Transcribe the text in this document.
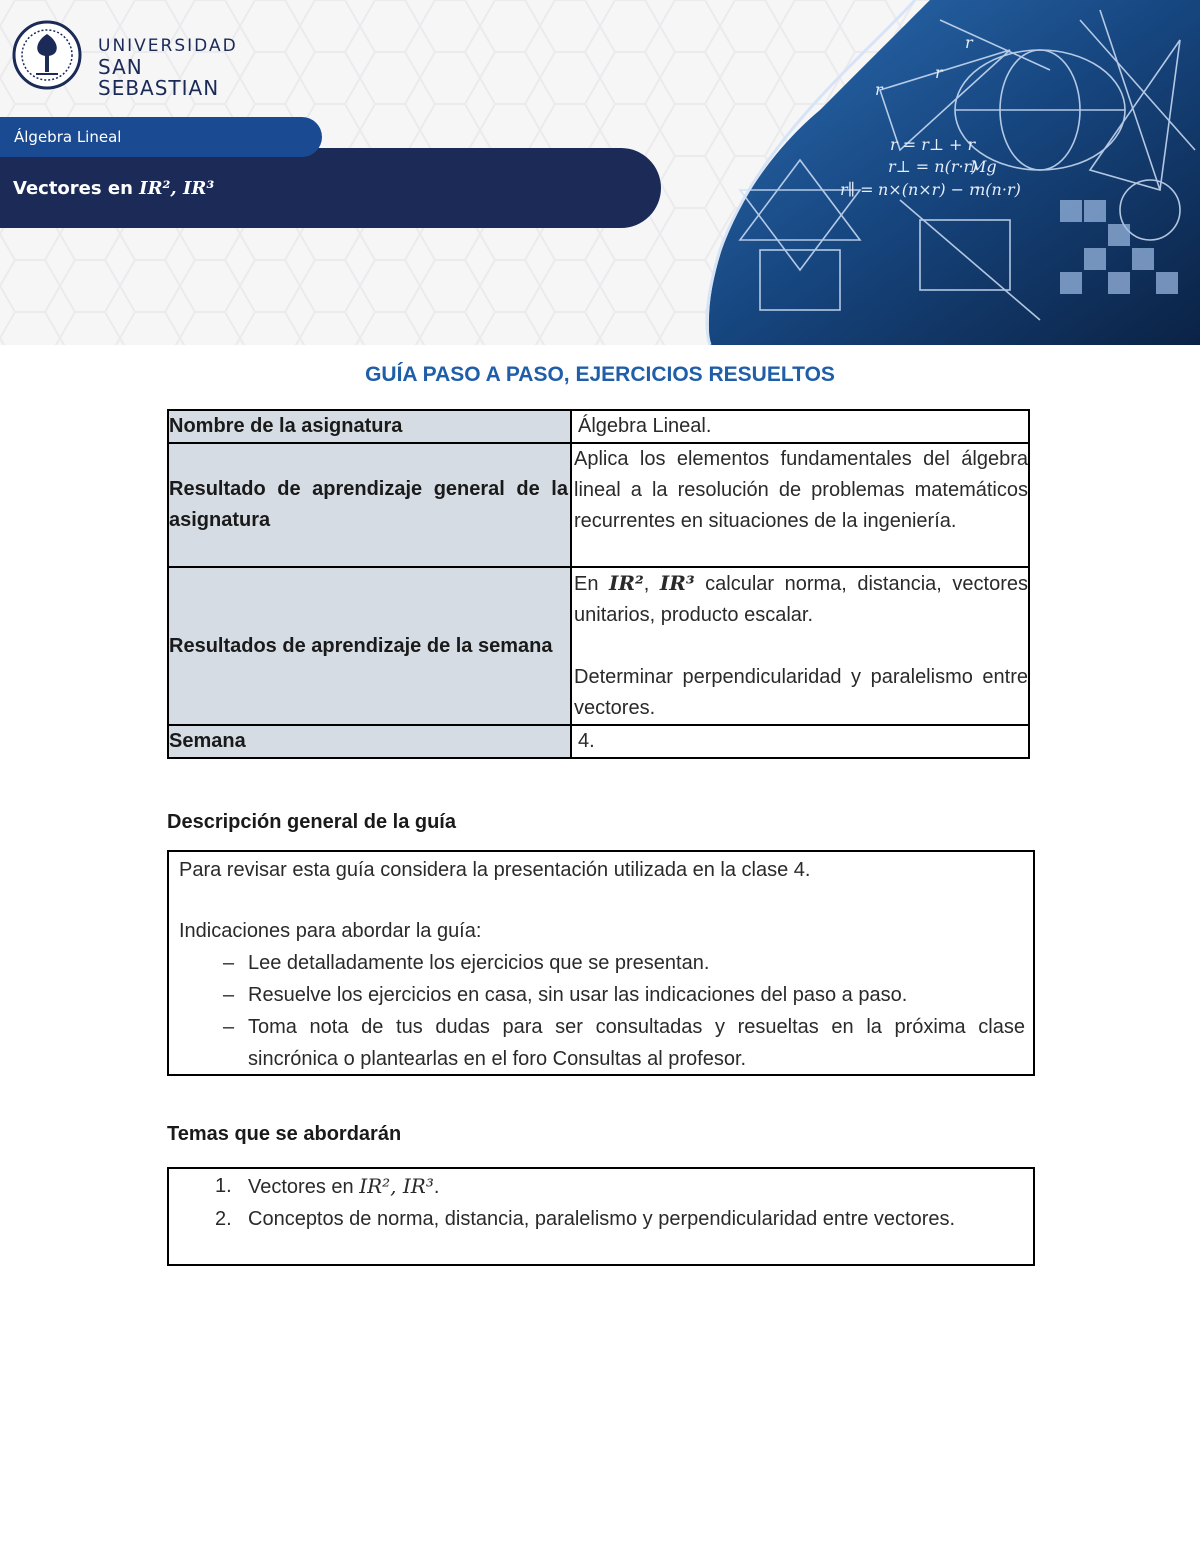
r
r
r
r = r⊥ + r
r⊥ = n(r·r)
Mg
r∥ = n×(n×r) − r
n(n·r)
UNIVERSIDAD
SAN SEBASTIAN
Vectores en IR², IR³
Álgebra Lineal
GUÍA PASO A PASO, EJERCICIOS RESUELTOS
Nombre de la asignatura	Álgebra Lineal.
Resultado de aprendizaje general de la asignatura	Aplica los elementos fundamentales del álgebra lineal a la resolución de problemas matemáticos recurrentes en situaciones de la ingeniería.
Resultados de aprendizaje de la semana	En IR², IR³ calcular norma, distancia, vectores unitarios, producto escalar.
Determinar perpendicularidad y paralelismo entre vectores.

Semana	4.
Descripción general de la guía

Para revisar esta guía considera la presentación utilizada en la clase 4.

Indicaciones para abordar la guía:

– Lee detalladamente los ejercicios que se presentan.
– Resuelve los ejercicios en casa, sin usar las indicaciones del paso a paso.
– Toma nota de tus dudas para ser consultadas y resueltas en la próxima clase sincrónica o plantearlas en el foro Consultas al profesor.
Temas que se abordarán
1. Vectores en IR², IR³.
2. Conceptos de norma, distancia, paralelismo y perpendicularidad entre vectores.
